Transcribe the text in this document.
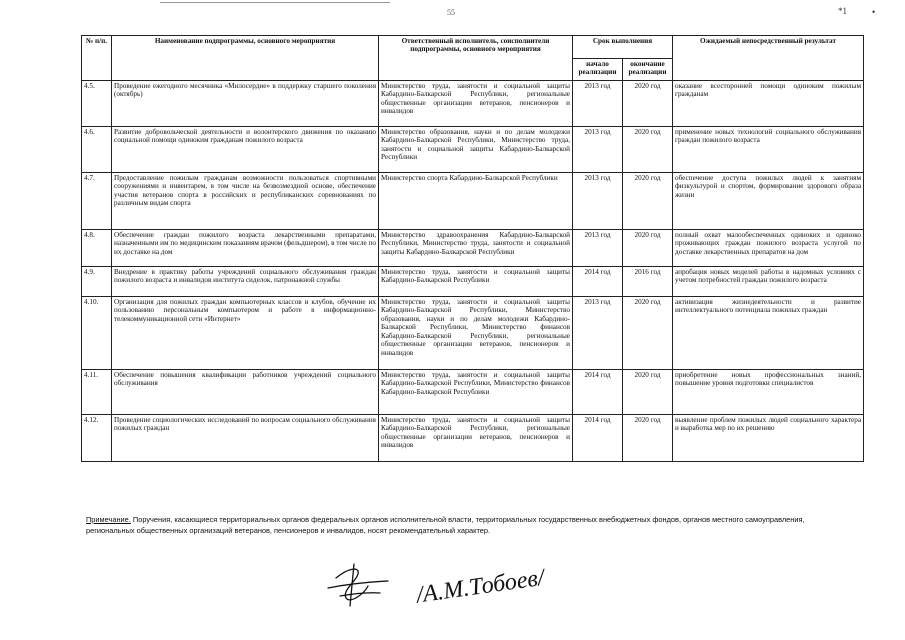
55	*1	•
№ п/п.	Наименование подпрограммы, основного мероприятия	Ответственный исполнитель, соисполнители подпрограммы, основного мероприятия	Срок выполнения		Ожидаемый непосредственный результат
			начало реализации	окончание реализации	
4.5.	Проведение ежегодного месячника «Милосердие» в поддержку старшего поколения (октябрь)	Министерство труда, занятости и социальной защиты Кабардино-Балкарской Республики, региональные общественные организации ветеранов, пенсионеров и инвалидов	2013 год	2020 год	оказание всесторонней помощи одиноким пожилым гражданам
4.6.	Развитие добровольческой деятельности и волонтерского движения по оказанию социальной помощи одиноким гражданам пожилого возраста	Министерство образования, науки и по делам молодежи Кабардино-Балкарской Республики, Министерство труда, занятости и социальной защиты Кабардино-Балкарской Республики	2013 год	2020 год	применение новых технологий социального обслуживания граждан пожилого возраста
4.7.	Предоставление пожилым гражданам возможности пользоваться спортивными сооружениями и инвентарем, в том числе на безвозмездной основе, обеспечение участия ветеранов спорта в российских и республиканских соревнованиях по различным видам спорта	Министерство спорта Кабардино-Балкарской Республики	2013 год	2020 год	обеспечение доступа пожилых людей к занятиям физкультурой и спортом, формирование здорового образа жизни
4.8.	Обеспечение граждан пожилого возраста лекарственными препаратами, назначенными им по медицинским показаниям врачом (фельдшером), в том числе по их доставке на дом	Министерство здравоохранения Кабардино-Балкарской Республики, Министерство труда, занятости и социальной защиты Кабардино-Балкарской Республики	2013 год	2020 год	полный охват малообеспеченных одиноких и одиноко проживающих граждан пожилого возраста услугой по доставке лекарственных препаратов на дом
4.9.	Внедрение в практику работы учреждений социального обслуживания граждан пожилого возраста и инвалидов института сиделок, патронажной службы	Министерство труда, занятости и социальной защиты Кабардино-Балкарской Республики	2014 год	2016 год	апробация новых моделей работы в надомных условиях с учетом потребностей граждан пожилого возраста
4.10.	Организация для пожилых граждан компьютерных классов и клубов, обучение их пользованию персональным компьютером и работе в информационно-телекоммуникационной сети «Интернет»	Министерство труда, занятости и социальной защиты Кабардино-Балкарской Республики, Министерство образования, науки и по делам молодежи Кабардино-Балкарской Республики, Министерство финансов Кабардино-Балкарской Республики, региональные общественные организации ветеранов, пенсионеров и инвалидов	2013 год	2020 год	активизация жизнедеятельности и развитие интеллектуального потенциала пожилых граждан
4.11.	Обеспечение повышения квалификации работников учреждений социального обслуживания	Министерство труда, занятости и социальной защиты Кабардино-Балкарской Республики, Министерство финансов Кабардино-Балкарской Республики	2014 год	2020 год	приобретение новых профессиональных знаний, повышение уровня подготовки специалистов
4.12.	Проведение социологических исследований по вопросам социального обслуживания пожилых граждан	Министерство труда, занятости и социальной защиты Кабардино-Балкарской Республики, региональные общественные организации ветеранов, пенсионеров и инвалидов	2014 год	2020 год	выявление проблем пожилых людей социального характера и выработка мер по их решению
Примечание. Поручения, касающиеся территориальных органов федеральных органов исполнительной власти, территориальных государственных внебюджетных фондов, органов местного самоуправления, региональных общественных организаций ветеранов, пенсионеров и инвалидов, носят рекомендательный характер.
/А.М.Тобоев/
